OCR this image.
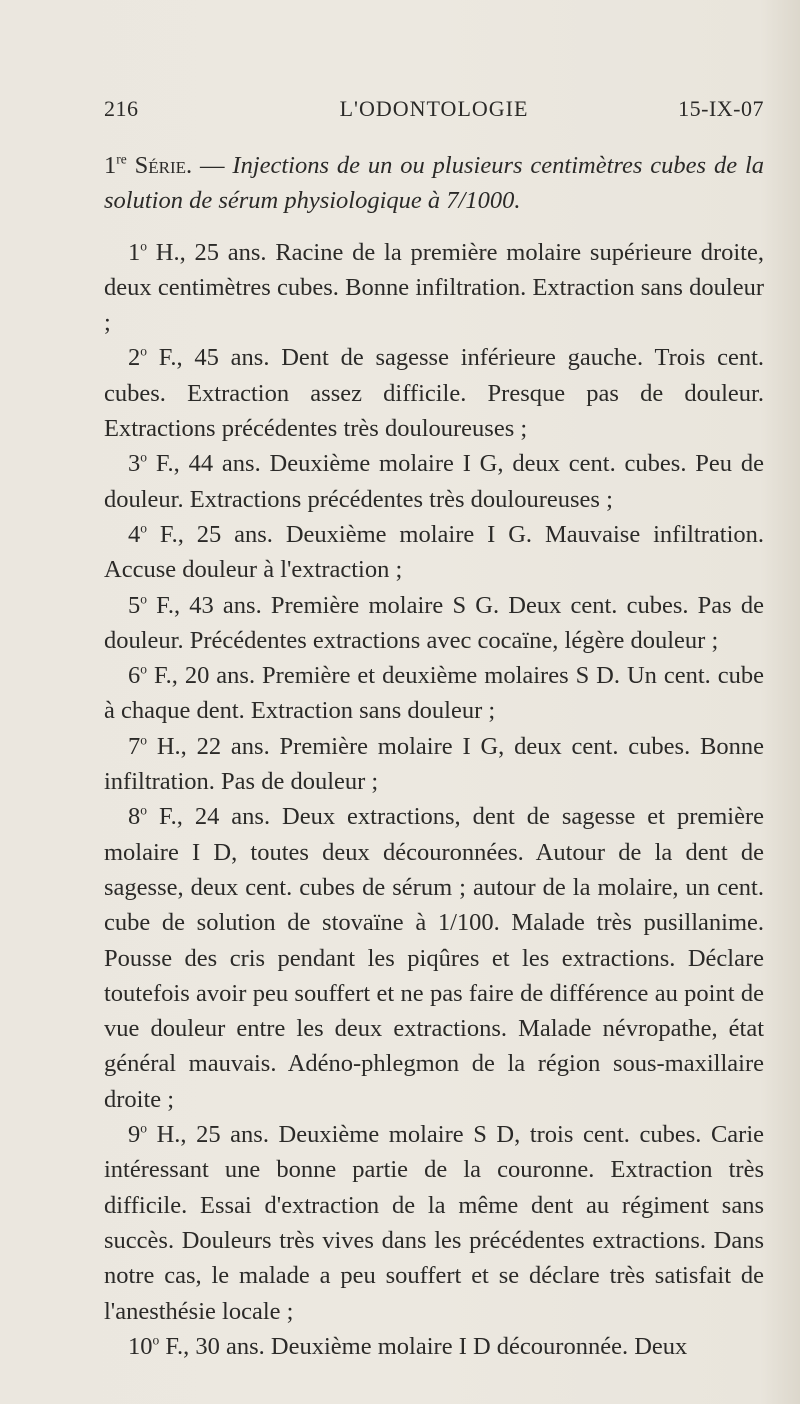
216	L'ODONTOLOGIE	15-IX-07

1re Série. — Injections de un ou plusieurs centimètres cubes de la solution de sérum physiologique à 7/1000.

1$^o$ H., 25 ans. Racine de la première molaire supérieure droite, deux centimètres cubes. Bonne infiltration. Extraction sans douleur ;

2$^o$ F., 45 ans. Dent de sagesse inférieure gauche. Trois cent. cubes. Extraction assez difficile. Presque pas de douleur. Extractions précédentes très douloureuses ;

3$^o$ F., 44 ans. Deuxième molaire I G, deux cent. cubes. Peu de douleur. Extractions précédentes très douloureuses ;

4$^o$ F., 25 ans. Deuxième molaire I G. Mauvaise infiltration. Accuse douleur à l'extraction ;

5$^o$ F., 43 ans. Première molaire S G. Deux cent. cubes. Pas de douleur. Précédentes extractions avec cocaïne, légère douleur ;

6$^o$ F., 20 ans. Première et deuxième molaires S D. Un cent. cube à chaque dent. Extraction sans douleur ;

7$^o$ H., 22 ans. Première molaire I G, deux cent. cubes. Bonne infiltration. Pas de douleur ;

8$^o$ F., 24 ans. Deux extractions, dent de sagesse et première molaire I D, toutes deux découronnées. Autour de la dent de sagesse, deux cent. cubes de sérum ; autour de la molaire, un cent. cube de solution de stovaïne à 1/100. Malade très pusillanime. Pousse des cris pendant les piqûres et les extractions. Déclare toutefois avoir peu souffert et ne pas faire de différence au point de vue douleur entre les deux extractions. Malade névropathe, état général mauvais. Adéno-phlegmon de la région sous-maxillaire droite ;

9$^o$ H., 25 ans. Deuxième molaire S D, trois cent. cubes. Carie intéressant une bonne partie de la couronne. Extraction très difficile. Essai d'extraction de la même dent au régiment sans succès. Douleurs très vives dans les précédentes extractions. Dans notre cas, le malade a peu souffert et se déclare très satisfait de l'anesthésie locale ;

10$^o$ F., 30 ans. Deuxième molaire I D découronnée. Deux
